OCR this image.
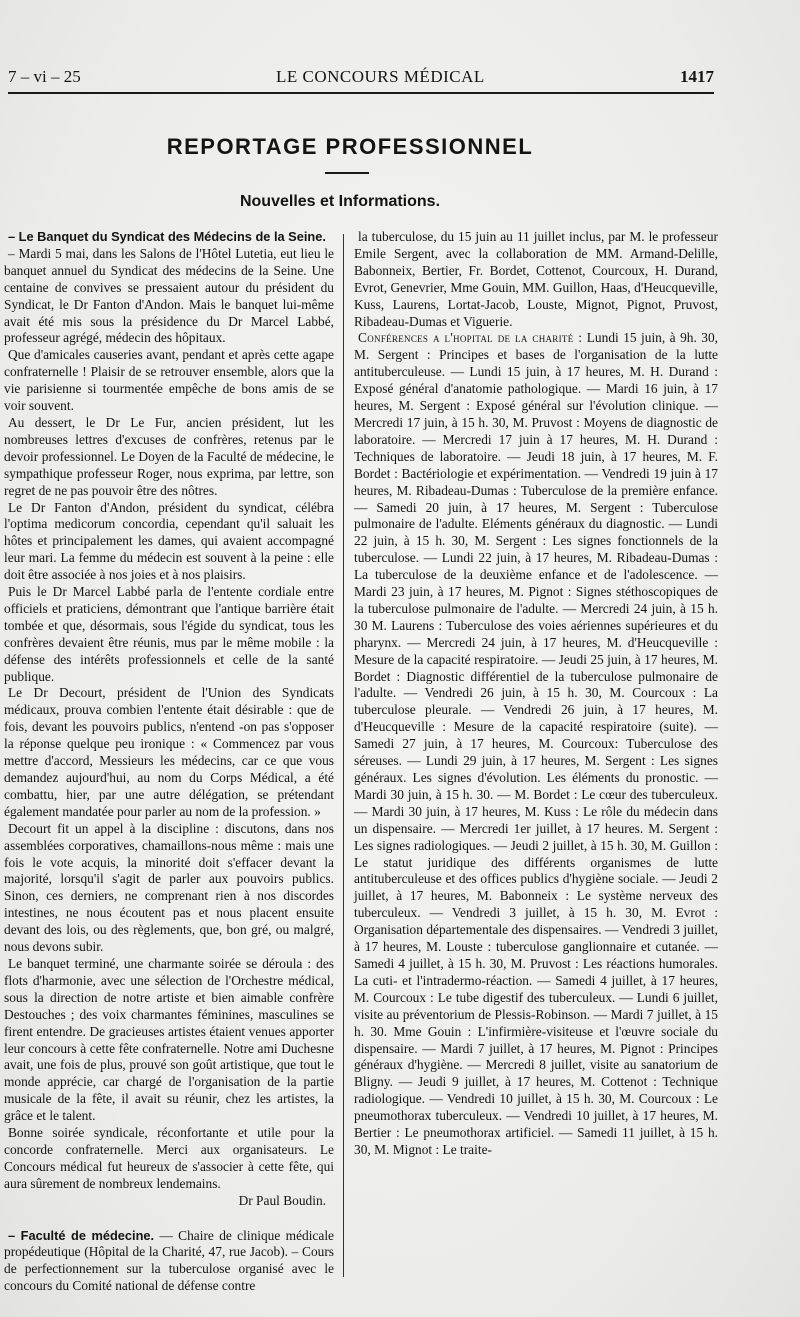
7 – vi – 25	LE CONCOURS MÉDICAL	1417
REPORTAGE PROFESSIONNEL
Nouvelles et Informations.

– Le Banquet du Syndicat des Médecins de la Seine.

– Mardi 5 mai, dans les Salons de l'Hôtel Lutetia, eut lieu le banquet annuel du Syndicat des médecins de la Seine. Une centaine de convives se pressaient autour du président du Syndicat, le Dr Fanton d'Andon. Mais le banquet lui-même avait été mis sous la présidence du Dr Marcel Labbé, professeur agrégé, médecin des hôpitaux.

Que d'amicales causeries avant, pendant et après cette agape confraternelle ! Plaisir de se retrouver ensemble, alors que la vie parisienne si tourmentée empêche de bons amis de se voir souvent.

Au dessert, le Dr Le Fur, ancien président, lut les nombreuses lettres d'excuses de confrères, retenus par le devoir professionnel. Le Doyen de la Faculté de médecine, le sympathique professeur Roger, nous exprima, par lettre, son regret de ne pas pouvoir être des nôtres.

Le Dr Fanton d'Andon, président du syndicat, célébra l'optima medicorum concordia, cependant qu'il saluait les hôtes et principalement les dames, qui avaient accompagné leur mari. La femme du médecin est souvent à la peine : elle doit être associée à nos joies et à nos plaisirs.

Puis le Dr Marcel Labbé parla de l'entente cordiale entre officiels et praticiens, démontrant que l'antique barrière était tombée et que, désormais, sous l'égide du syndicat, tous les confrères devaient être réunis, mus par le même mobile : la défense des intérêts professionnels et celle de la santé publique.

Le Dr Decourt, président de l'Union des Syndicats médicaux, prouva combien l'entente était désirable : que de fois, devant les pouvoirs publics, n'entend -on pas s'opposer la réponse quelque peu ironique : « Commencez par vous mettre d'accord, Messieurs les médecins, car ce que vous demandez aujourd'hui, au nom du Corps Médical, a été combattu, hier, par une autre délégation, se prétendant également mandatée pour parler au nom de la profession. »

Decourt fit un appel à la discipline : discutons, dans nos assemblées corporatives, chamaillons-nous même : mais une fois le vote acquis, la minorité doit s'effacer devant la majorité, lorsqu'il s'agit de parler aux pouvoirs publics. Sinon, ces derniers, ne comprenant rien à nos discordes intestines, ne nous écoutent pas et nous placent ensuite devant des lois, ou des règlements, que, bon gré, ou malgré, nous devons subir.

Le banquet terminé, une charmante soirée se déroula : des flots d'harmonie, avec une sélection de l'Orchestre médical, sous la direction de notre artiste et bien aimable confrère Destouches ; des voix charmantes féminines, masculines se firent entendre. De gracieuses artistes étaient venues apporter leur concours à cette fête confraternelle. Notre ami Duchesne avait, une fois de plus, prouvé son goût artistique, que tout le monde apprécie, car chargé de l'organisation de la partie musicale de la fête, il avait su réunir, chez les artistes, la grâce et le talent.

Bonne soirée syndicale, réconfortante et utile pour la concorde confraternelle. Merci aux organisateurs. Le Concours médical fut heureux de s'associer à cette fête, qui aura sûrement de nombreux lendemains.

Dr Paul Boudin.

– Faculté de médecine. — Chaire de clinique médicale propédeutique (Hôpital de la Charité, 47, rue Jacob). – Cours de perfectionnement sur la tuberculose organisé avec le concours du Comité national de défense contre

la tuberculose, du 15 juin au 11 juillet inclus, par M. le professeur Emile Sergent, avec la collaboration de MM. Armand-Delille, Babonneix, Bertier, Fr. Bordet, Cottenot, Courcoux, H. Durand, Evrot, Genevrier, Mme Gouin, MM. Guillon, Haas, d'Heucqueville, Kuss, Laurens, Lortat-Jacob, Louste, Mignot, Pignot, Pruvost, Ribadeau-Dumas et Viguerie.

Conférences a l'hopital de la charité : Lundi 15 juin, à 9h. 30, M. Sergent : Principes et bases de l'organisation de la lutte antituberculeuse. — Lundi 15 juin, à 17 heures, M. H. Durand : Exposé général d'anatomie pathologique. — Mardi 16 juin, à 17 heures, M. Sergent : Exposé général sur l'évolution clinique. — Mercredi 17 juin, à 15 h. 30, M. Pruvost : Moyens de diagnostic de laboratoire. — Mercredi 17 juin à 17 heures, M. H. Durand : Techniques de laboratoire. — Jeudi 18 juin, à 17 heures, M. F. Bordet : Bactériologie et expérimentation. — Vendredi 19 juin à 17 heures, M. Ribadeau-Dumas : Tuberculose de la première enfance. — Samedi 20 juin, à 17 heures, M. Sergent : Tuberculose pulmonaire de l'adulte. Eléments généraux du diagnostic. — Lundi 22 juin, à 15 h. 30, M. Sergent : Les signes fonctionnels de la tuberculose. — Lundi 22 juin, à 17 heures, M. Ribadeau-Dumas : La tuberculose de la deuxième enfance et de l'adolescence. — Mardi 23 juin, à 17 heures, M. Pignot : Signes stéthoscopiques de la tuberculose pulmonaire de l'adulte. — Mercredi 24 juin, à 15 h. 30 M. Laurens : Tuberculose des voies aériennes supérieures et du pharynx. — Mercredi 24 juin, à 17 heures, M. d'Heucqueville : Mesure de la capacité respiratoire. — Jeudi 25 juin, à 17 heures, M. Bordet : Diagnostic différentiel de la tuberculose pulmonaire de l'adulte. — Vendredi 26 juin, à 15 h. 30, M. Courcoux : La tuberculose pleurale. — Vendredi 26 juin, à 17 heures, M. d'Heucqueville : Mesure de la capacité respiratoire (suite). — Samedi 27 juin, à 17 heures, M. Courcoux: Tuberculose des séreuses. — Lundi 29 juin, à 17 heures, M. Sergent : Les signes généraux. Les signes d'évolution. Les éléments du pronostic. — Mardi 30 juin, à 15 h. 30. — M. Bordet : Le cœur des tuberculeux. — Mardi 30 juin, à 17 heures, M. Kuss : Le rôle du médecin dans un dispensaire. — Mercredi 1er juillet, à 17 heures. M. Sergent : Les signes radiologiques. — Jeudi 2 juillet, à 15 h. 30, M. Guillon : Le statut juridique des différents organismes de lutte antituberculeuse et des offices publics d'hygiène sociale. — Jeudi 2 juillet, à 17 heures, M. Babonneix : Le système nerveux des tuberculeux. — Vendredi 3 juillet, à 15 h. 30, M. Evrot : Organisation départementale des dispensaires. — Vendredi 3 juillet, à 17 heures, M. Louste : tuberculose ganglionnaire et cutanée. — Samedi 4 juillet, à 15 h. 30, M. Pruvost : Les réactions humorales. La cuti- et l'intradermo-réaction. — Samedi 4 juillet, à 17 heures, M. Courcoux : Le tube digestif des tuberculeux. — Lundi 6 juillet, visite au préventorium de Plessis-Robinson. — Mardi 7 juillet, à 15 h. 30. Mme Gouin : L'infirmière-visiteuse et l'œuvre sociale du dispensaire. — Mardi 7 juillet, à 17 heures, M. Pignot : Principes généraux d'hygiène. — Mercredi 8 juillet, visite au sanatorium de Bligny. — Jeudi 9 juillet, à 17 heures, M. Cottenot : Technique radiologique. — Vendredi 10 juillet, à 15 h. 30, M. Courcoux : Le pneumothorax tuberculeux. — Vendredi 10 juillet, à 17 heures, M. Bertier : Le pneumothorax artificiel. — Samedi 11 juillet, à 15 h. 30, M. Mignot : Le traite-
